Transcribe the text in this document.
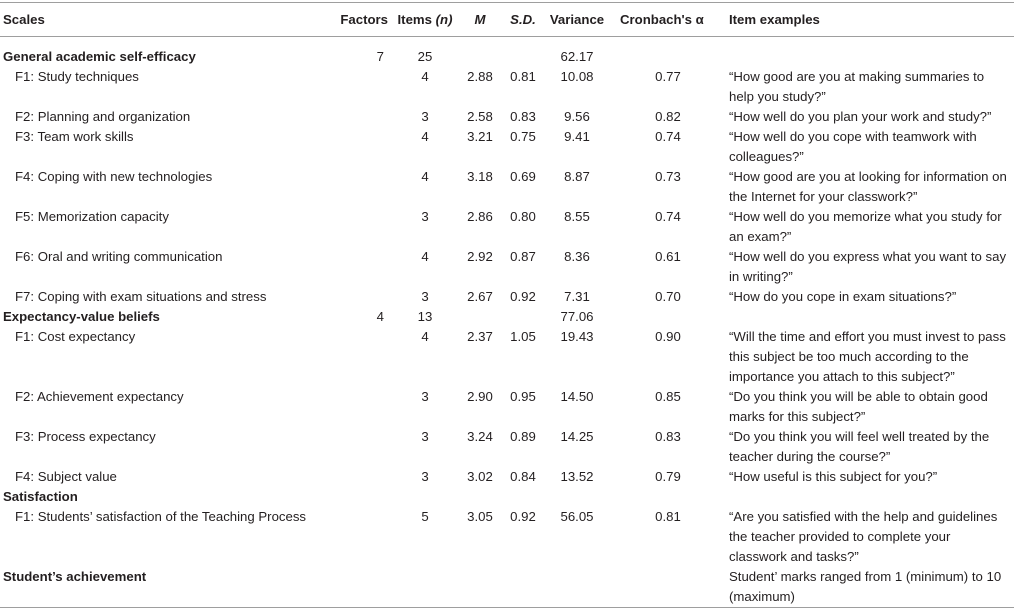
Scales	Factors	Items (n)	M	S.D.	Variance	Cronbach's α	Item examples

General academic self-efficacy	7	25			62.17		
F1: Study techniques		4	2.88	0.81	10.08	0.77	“How good are you at making summaries to help you study?”
F2: Planning and organization		3	2.58	0.83	9.56	0.82	“How well do you plan your work and study?”
F3: Team work skills		4	3.21	0.75	9.41	0.74	“How well do you cope with teamwork with colleagues?”
F4: Coping with new technologies		4	3.18	0.69	8.87	0.73	“How good are you at looking for information on the Internet for your classwork?”
F5: Memorization capacity		3	2.86	0.80	8.55	0.74	“How well do you memorize what you study for an exam?”
F6: Oral and writing communication		4	2.92	0.87	8.36	0.61	“How well do you express what you want to say in writing?”
F7: Coping with exam situations and stress		3	2.67	0.92	7.31	0.70	“How do you cope in exam situations?”
Expectancy-value beliefs	4	13			77.06		
F1: Cost expectancy		4	2.37	1.05	19.43	0.90	“Will the time and effort you must invest to pass this subject be too much according to the importance you attach to this subject?”
F2: Achievement expectancy		3	2.90	0.95	14.50	0.85	“Do you think you will be able to obtain good marks for this subject?”
F3: Process expectancy		3	3.24	0.89	14.25	0.83	“Do you think you will feel well treated by the teacher during the course?”
F4: Subject value		3	3.02	0.84	13.52	0.79	“How useful is this subject for you?”
Satisfaction							
F1: Students’ satisfaction of the Teaching Process		5	3.05	0.92	56.05	0.81	“Are you satisfied with the help and guidelines the teacher provided to complete your classwork and tasks?”
Student’s achievement							Student’ marks ranged from 1 (minimum) to 10 (maximum)
